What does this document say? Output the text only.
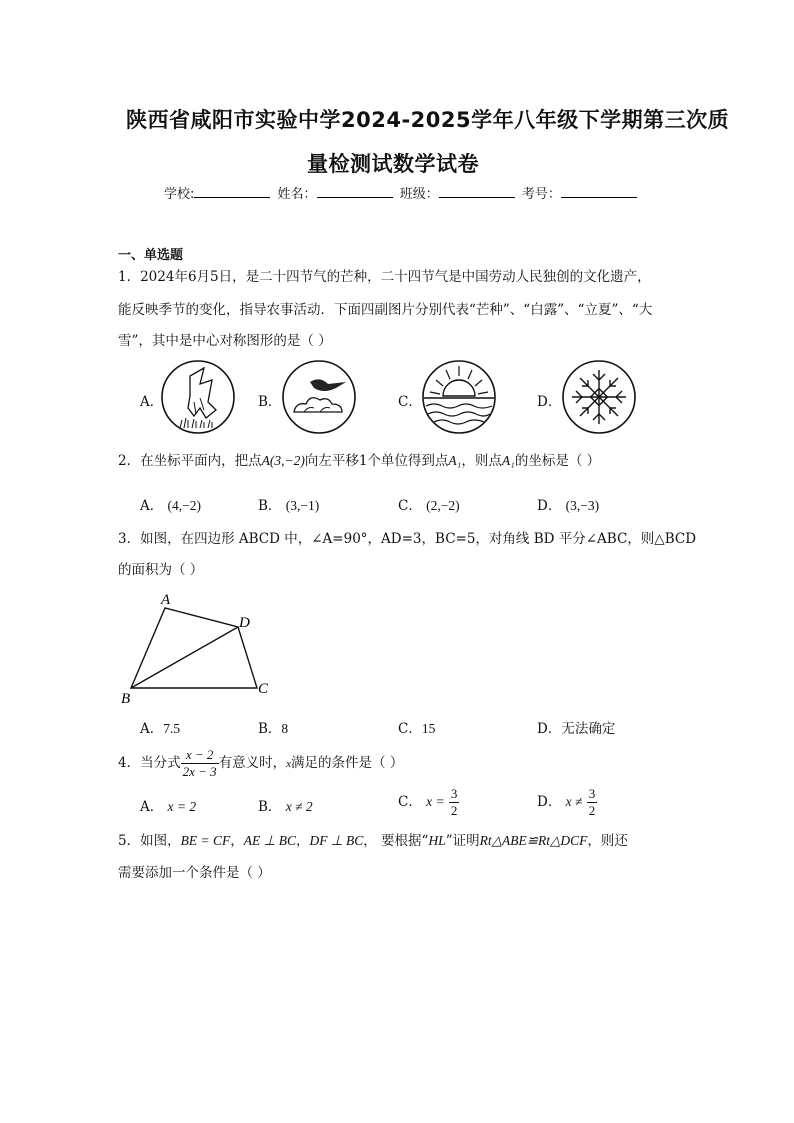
陕西省咸阳市实验中学2024-2025学年八年级下学期第三次质
量检测试数学试卷
学校:	姓名：	班级：	考号：
一、单选题
1．2024年6月5日，是二十四节气的芒种，二十四节气是中国劳动人民独创的文化遗产，
能反映季节的变化，指导农事活动．下面四副图片分别代表“芒种”、“白露”、“立夏”、“大
雪”，其中是中心对称图形的是（ ）
A．	B．	C．	D．
2．在坐标平面内，把点A(3,−2)向左平移1个单位得到点A₁，则点A₁的坐标是（ ）
A． (4,−2)	B． (3,−1)	C． (2,−2)	D． (3,−3)
3．如图，在四边形 ABCD 中，∠A=90°，AD=3，BC=5，对角线 BD 平分∠ABC，则△BCD
的面积为（ ）
A
B
C
D
A．7.5	B．8	C．15	D．无法确定
4．当分式 $\frac{x - 2}{2x - 3}$ 有意义时，x满足的条件是（ ）
A． x = 2	B． x ≠ 2	C． $x = \frac{3}{2}$	D． $x \ne \frac{3}{2}$
5．如图，BE = CF，AE ⊥ BC，DF ⊥ BC， 要根据“HL”证明Rt△ABE≌Rt△DCF，则还
需要添加一个条件是（ ）
